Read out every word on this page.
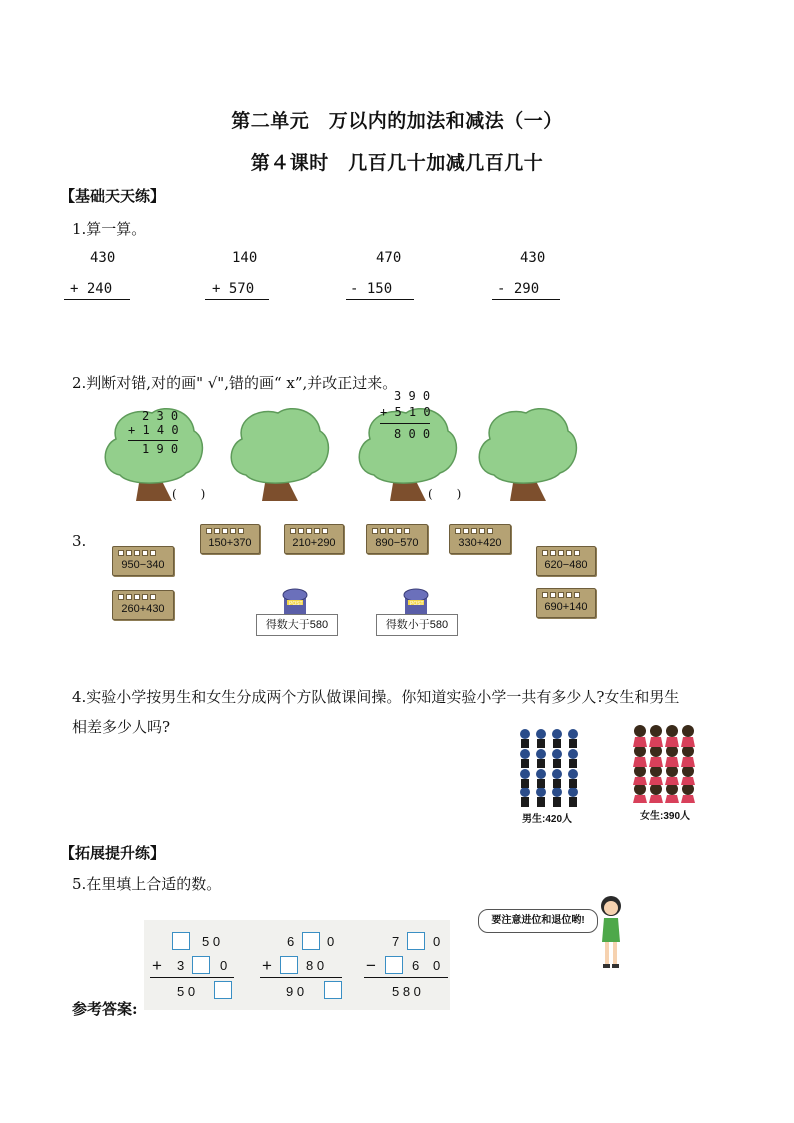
第二单元　万以内的加法和减法（一）
第４课时　几百几十加减几百几十
【基础天天练】
1.算一算。
430
+ 240
140
+ 570
470
- 150
430
- 290
2.判断对错,对的画" √",错的画“ x”,并改正过来。
2 3 0
+ 1 4 0
1 9 0
(　　)
3 9 0
+ 5 1 0
8 0 0
(　　)
3.	150+370	210+290	890−570	330+420
950−340	620−480
260+430	690+140
POST
得数大于580
POST
得数小于580
4.实验小学按男生和女生分成两个方队做课间操。你知道实验小学一共有多少人?女生和男生
相差多少人吗?
男生:420人	女生:390人
【拓展提升练】
5.在里填上合适的数。
要注意进位和退位哟!
5 0
+ 3	0
5 0
6	0
+	8 0
9 0
7	0
−	6 0
5 8 0
参考答案:
